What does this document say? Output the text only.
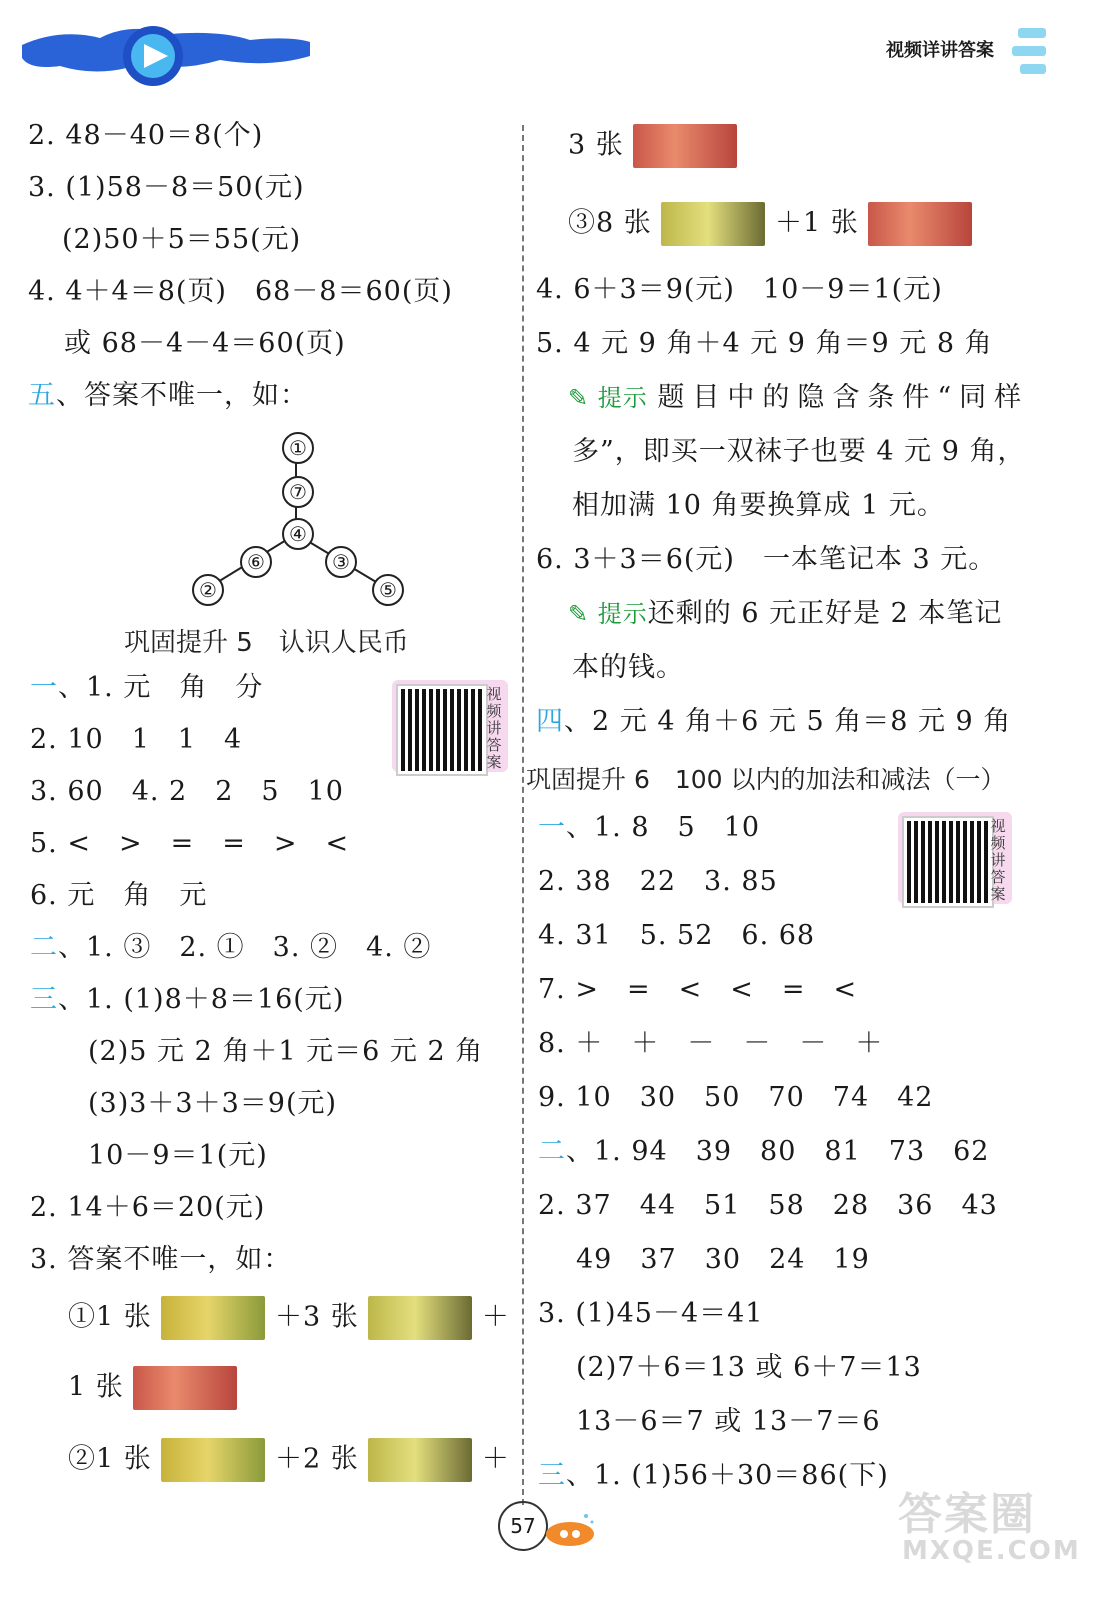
视频详讲答案
2. 48－40＝8(个)
3. (1)58－8＝50(元)
(2)50＋5＝55(元)
4. 4＋4＝8(页)　68－8＝60(页)
或 68－4－4＝60(页)
五、答案不唯一，如：
①
⑦
④
⑥	③
②	⑤
巩固提升 5　认识人民币
一、1. 元　角　分	视频讲答案
2. 10　1　1　4
3. 60　4. 2　2　5　10
5. <　>　=　=　>　<
6. 元　角　元
二、1. ③　2. ①　3. ②　4. ②
三、1. (1)8＋8＝16(元)
(2)5 元 2 角＋1 元＝6 元 2 角
(3)3＋3＋3＝9(元)
10－9＝1(元)
2. 14＋6＝20(元)
3. 答案不唯一，如：
①1 张	＋3 张	＋
1 张
②1 张	＋2 张	＋
3 张
③8 张	＋1 张
4. 6＋3＝9(元)　10－9＝1(元)
5. 4 元 9 角＋4 元 9 角＝9 元 8 角
✎ 提示 题目中的隐含条件“同样
多”，即买一双袜子也要 4 元 9 角，
相加满 10 角要换算成 1 元。
6. 3＋3＝6(元)　一本笔记本 3 元。
✎ 提示还剩的 6 元正好是 2 本笔记
本的钱。
四、2 元 4 角＋6 元 5 角＝8 元 9 角
巩固提升 6　100 以内的加法和减法（一）
视频讲答案
一、1. 8　5　10
2. 38　22　3. 85
4. 31　5. 52　6. 68
7. >　=　<　<　=　<
8. ＋　＋　－　－　－　＋
9. 10　30　50　70　74　42
二、1. 94　39　80　81　73　62
2. 37　44　51　58　28　36　43
49　37　30　24　19
3. (1)45－4＝41
(2)7＋6＝13 或 6＋7＝13
13－6＝7 或 13－7＝6
三、1. (1)56＋30＝86(下)
57	答案圈
MXQE.COM
